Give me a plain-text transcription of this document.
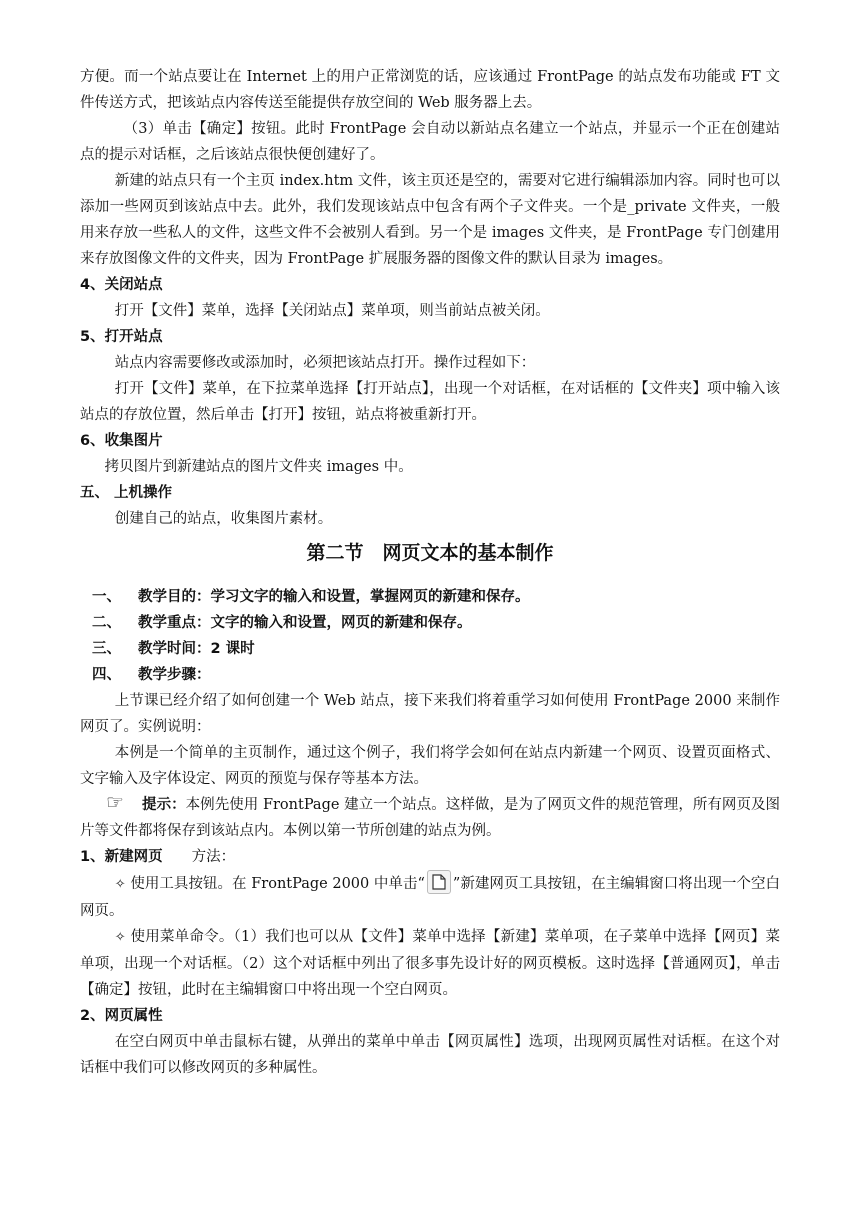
方便。而一个站点要让在 Internet 上的用户正常浏览的话，应该通过 FrontPage 的站点发布功能或 FT 文件传送方式，把该站点内容传送至能提供存放空间的 Web 服务器上去。

（3）单击【确定】按钮。此时 FrontPage 会自动以新站点名建立一个站点，并显示一个正在创建站点的提示对话框，之后该站点很快便创建好了。

新建的站点只有一个主页 index.htm 文件，该主页还是空的，需要对它进行编辑添加内容。同时也可以添加一些网页到该站点中去。此外，我们发现该站点中包含有两个子文件夹。一个是_private 文件夹，一般用来存放一些私人的文件，这些文件不会被别人看到。另一个是 images 文件夹，是 FrontPage 专门创建用来存放图像文件的文件夹，因为 FrontPage 扩展服务器的图像文件的默认目录为 images。

4、关闭站点

打开【文件】菜单，选择【关闭站点】菜单项，则当前站点被关闭。

5、打开站点

站点内容需要修改或添加时，必须把该站点打开。操作过程如下：

打开【文件】菜单，在下拉菜单选择【打开站点】，出现一个对话框，在对话框的【文件夹】项中输入该站点的存放位置，然后单击【打开】按钮，站点将被重新打开。

6、收集图片

拷贝图片到新建站点的图片文件夹 images 中。

五、 上机操作

创建自己的站点，收集图片素材。

第二节　网页文本的基本制作

一、 教学目的：学习文字的输入和设置，掌握网页的新建和保存。

二、 教学重点：文字的输入和设置，网页的新建和保存。

三、 教学时间：2 课时

四、 教学步骤：

上节课已经介绍了如何创建一个 Web 站点，接下来我们将着重学习如何使用 FrontPage 2000 来制作网页了。实例说明：

本例是一个简单的主页制作，通过这个例子，我们将学会如何在站点内新建一个网页、设置页面格式、文字输入及字体设定、网页的预览与保存等基本方法。

☞ 提示：本例先使用 FrontPage 建立一个站点。这样做，是为了网页文件的规范管理，所有网页及图片等文件都将保存到该站点内。本例以第一节所创建的站点为例。

1、新建网页　　 方法：

✧ 使用工具按钮。在 FrontPage 2000 中单击“ ”新建网页工具按钮，在主编辑窗口将出现一个空白网页。

✧ 使用菜单命令。（1）我们也可以从【文件】菜单中选择【新建】菜单项，在子菜单中选择【网页】菜单项，出现一个对话框。（2）这个对话框中列出了很多事先设计好的网页模板。这时选择【普通网页】，单击【确定】按钮，此时在主编辑窗口中将出现一个空白网页。

2、网页属性

在空白网页中单击鼠标右键，从弹出的菜单中单击【网页属性】选项，出现网页属性对话框。在这个对话框中我们可以修改网页的多种属性。
